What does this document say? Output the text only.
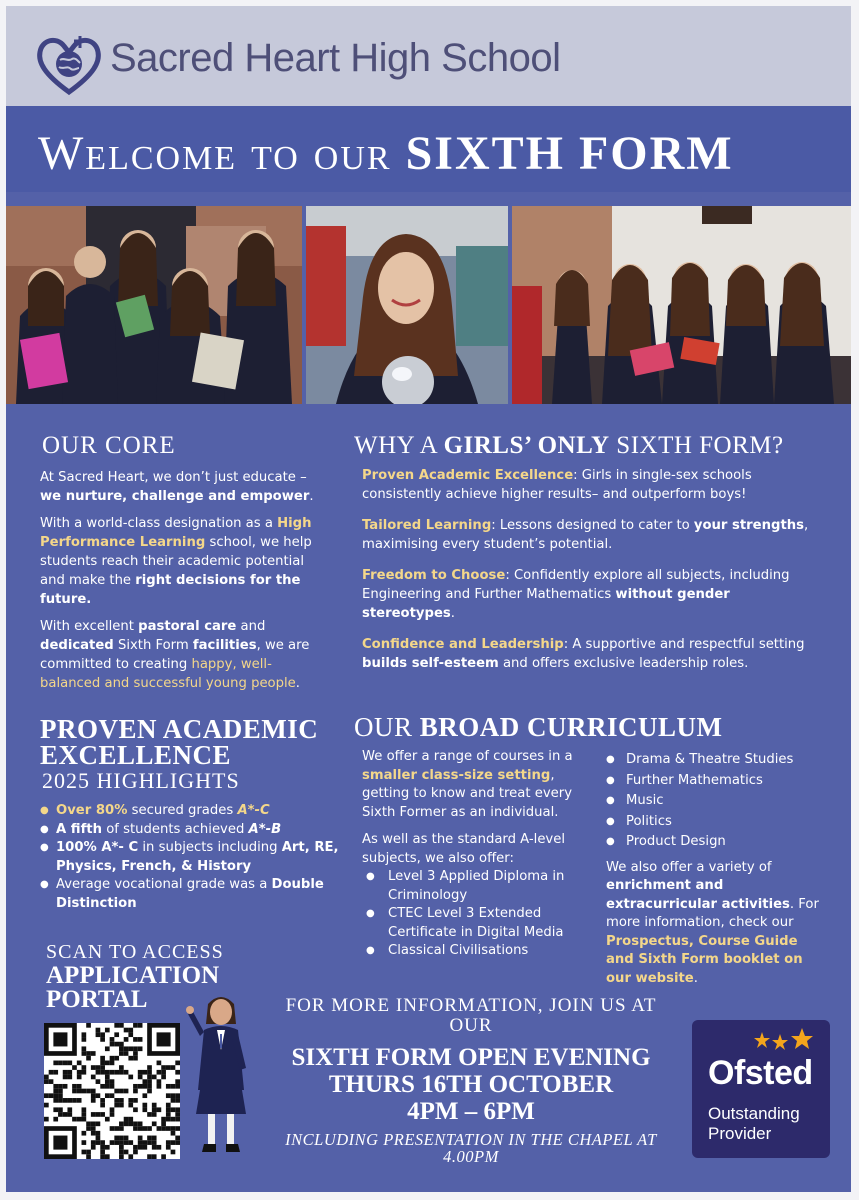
Sacred Heart High School
Welcome to our SIXTH FORM
OUR CORE

At Sacred Heart, we don’t just educate – we nurture, challenge and empower.

With a world-class designation as a High Performance Learning school, we help students reach their academic potential and make the right decisions for the future.

With excellent pastoral care and dedicated Sixth Form facilities, we are committed to creating happy, well-balanced and successful young people.

WHY A GIRLS’ ONLY SIXTH FORM?

Proven Academic Excellence: Girls in single-sex schools consistently achieve higher results– and outperform boys!

Tailored Learning: Lessons designed to cater to your strengths, maximising every student’s potential.

Freedom to Choose: Confidently explore all subjects, including Engineering and Further Mathematics without gender stereotypes.

Confidence and Leadership: A supportive and respectful setting builds self-esteem and offers exclusive leadership roles.

PROVEN ACADEMIC
EXCELLENCE
2025 HIGHLIGHTS
● Over 80% secured grades A*-C
● A fifth of students achieved A*-B
● 100% A*- C in subjects including Art, RE, Physics, French, & History
● Average vocational grade was a Double Distinction
OUR BROAD CURRICULUM

We offer a range of courses in a smaller class-size setting, getting to know and treat every Sixth Former as an individual.

As well as the standard A-level subjects, we also offer:

● Level 3 Applied Diploma in Criminology
● CTEC Level 3 Extended Certificate in Digital Media
● Classical Civilisations
● Drama & Theatre Studies
● Further Mathematics
● Music
● Politics
● Product Design

We also offer a variety of enrichment and extracurricular activities. For more information, check our Prospectus, Course Guide and Sixth Form booklet on our website.

SCAN TO ACCESS
APPLICATION
PORTAL	FOR MORE INFORMATION, JOIN US AT OUR
SIXTH FORM OPEN EVENING
THURS 16TH OCTOBER
4PM – 6PM
INCLUDING PRESENTATION IN THE CHAPEL AT 4.00PM
Ofsted
Outstanding
Provider
